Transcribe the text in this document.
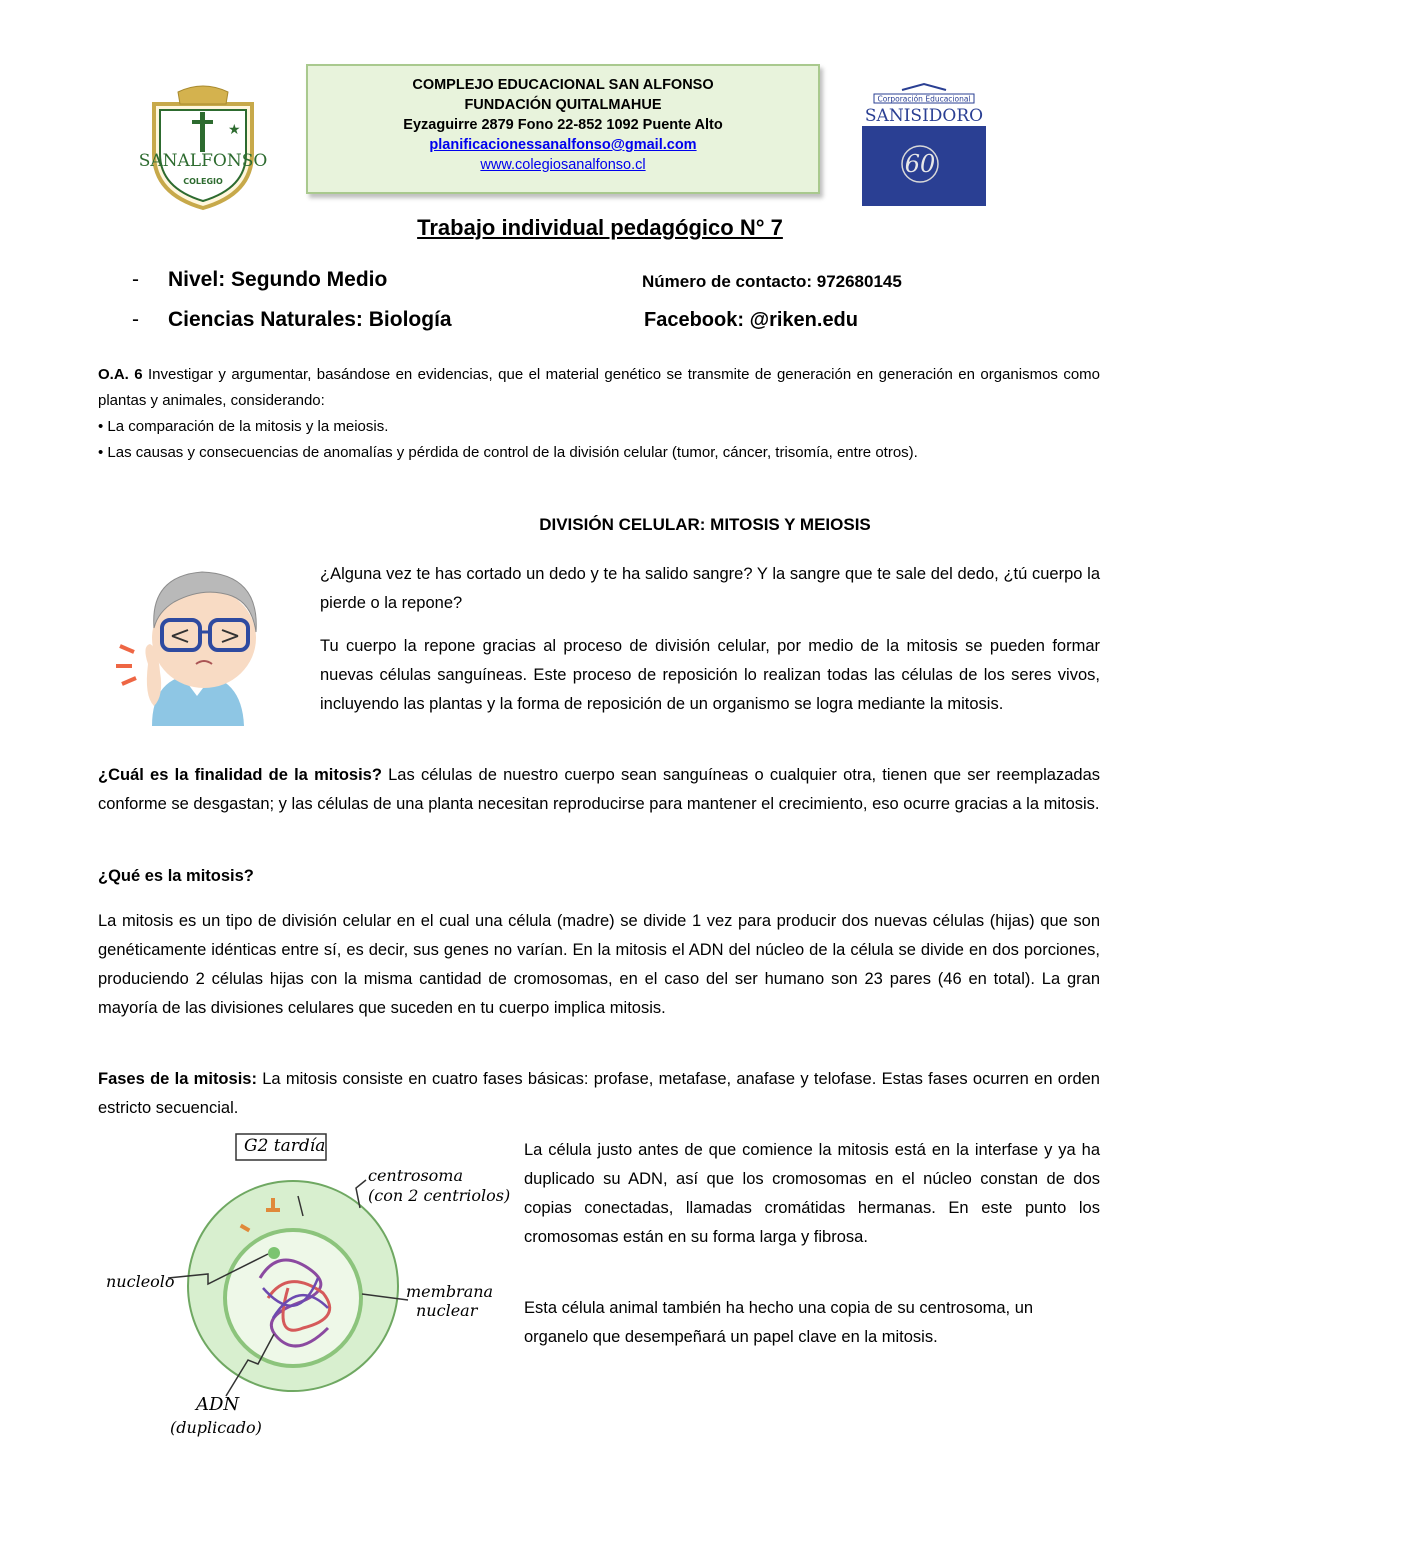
★
SANALFONSO
COLEGIO
COMPLEJO EDUCACIONAL SAN ALFONSO
FUNDACIÓN QUITALMAHUE
Eyzaguirre 2879 Fono 22-852 1092 Puente Alto
planificacionessanalfonso@gmail.com
www.colegiosanalfonso.cl
Corporación Educacional
SANISIDORO
60
Trabajo individual pedagógico N° 7
- Nivel: Segundo Medio
- Ciencias Naturales: Biología
Número de contacto: 972680145
Facebook: @riken.edu
O.A. 6 Investigar y argumentar, basándose en evidencias, que el material genético se transmite de generación en generación en organismos como plantas y animales, considerando:
• La comparación de la mitosis y la meiosis.
• Las causas y consecuencias de anomalías y pérdida de control de la división celular (tumor, cáncer, trisomía, entre otros).
DIVISIÓN CELULAR: MITOSIS Y MEIOSIS
¿Alguna vez te has cortado un dedo y te ha salido sangre? Y la sangre que te sale del dedo, ¿tú cuerpo la pierde o la repone?
Tu cuerpo la repone gracias al proceso de división celular, por medio de la mitosis se pueden formar nuevas células sanguíneas. Este proceso de reposición lo realizan todas las células de los seres vivos, incluyendo las plantas y la forma de reposición de un organismo se logra mediante la mitosis.
¿Cuál es la finalidad de la mitosis? Las células de nuestro cuerpo sean sanguíneas o cualquier otra, tienen que ser reemplazadas conforme se desgastan; y las células de una planta necesitan reproducirse para mantener el crecimiento, eso ocurre gracias a la mitosis.
¿Qué es la mitosis?
La mitosis es un tipo de división celular en el cual una célula (madre) se divide 1 vez para producir dos nuevas células (hijas) que son genéticamente idénticas entre sí, es decir, sus genes no varían. En la mitosis el ADN del núcleo de la célula se divide en dos porciones, produciendo 2 células hijas con la misma cantidad de cromosomas, en el caso del ser humano son 23 pares (46 en total). La gran mayoría de las divisiones celulares que suceden en tu cuerpo implica mitosis.
Fases de la mitosis: La mitosis consiste en cuatro fases básicas: profase, metafase, anafase y telofase. Estas fases ocurren en orden estricto secuencial.
G2 tardía
centrosoma
(con 2 centriolos)
nucleolo
membrana
nuclear
ADN
(duplicado)
La célula justo antes de que comience la mitosis está en la interfase y ya ha duplicado su ADN, así que los cromosomas en el núcleo constan de dos copias conectadas, llamadas cromátidas hermanas. En este punto los cromosomas están en su forma larga y fibrosa.
Esta célula animal también ha hecho una copia de su centrosoma, un organelo que desempeñará un papel clave en la mitosis.
